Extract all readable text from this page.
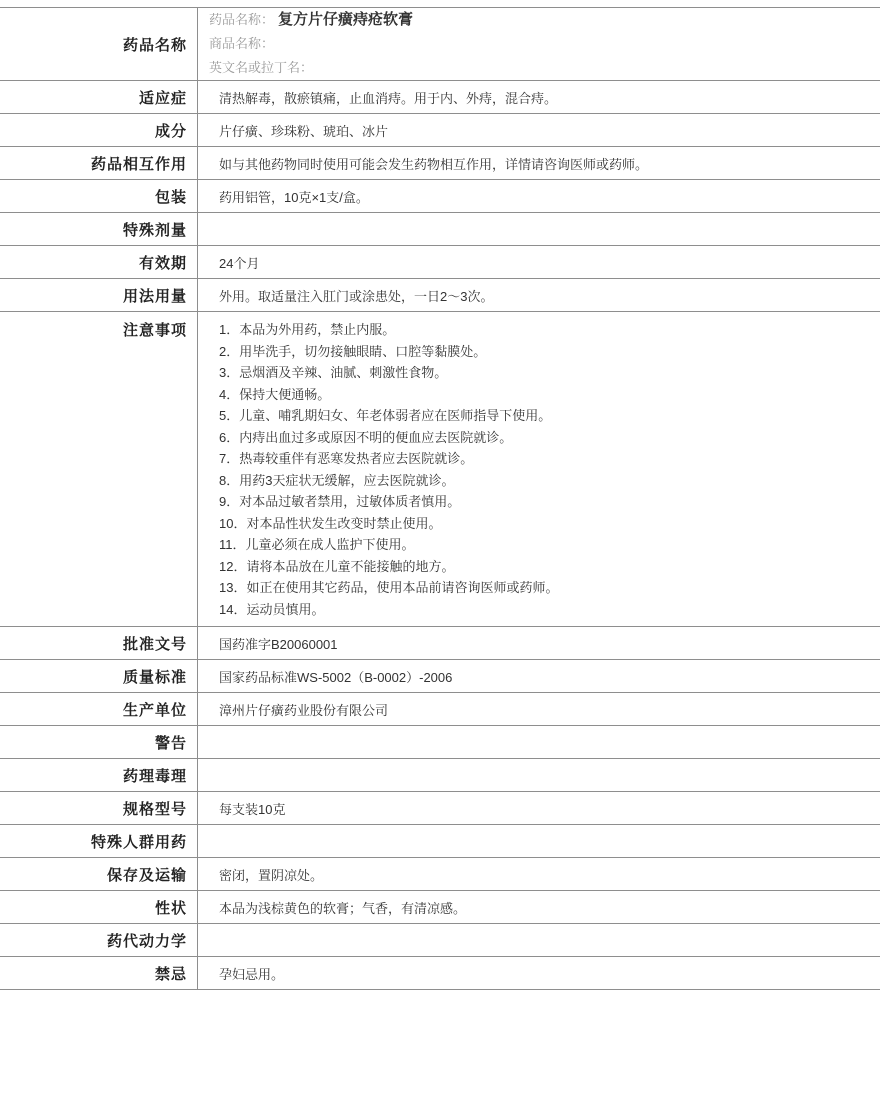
药品名称
药品名称： 复方片仔癀痔疮软膏
商品名称：
英文名或拉丁名：
适应症	清热解毒，散瘀镇痛，止血消痔。用于内、外痔，混合痔。
成分	片仔癀、珍珠粉、琥珀、冰片
药品相互作用	如与其他药物同时使用可能会发生药物相互作用，详情请咨询医师或药师。
包装	药用铝管，10克×1支/盒。
特殊剂量
有效期	24个月
用法用量	外用。取适量注入肛门或涂患处，一日2～3次。
注意事项	1．本品为外用药，禁止内服。
2．用毕洗手，切勿接触眼睛、口腔等黏膜处。
3．忌烟酒及辛辣、油腻、刺激性食物。
4．保持大便通畅。
5．儿童、哺乳期妇女、年老体弱者应在医师指导下使用。
6．内痔出血过多或原因不明的便血应去医院就诊。
7．热毒较重伴有恶寒发热者应去医院就诊。
8．用药3天症状无缓解，应去医院就诊。
9．对本品过敏者禁用，过敏体质者慎用。
10．对本品性状发生改变时禁止使用。
11．儿童必须在成人监护下使用。
12．请将本品放在儿童不能接触的地方。
13．如正在使用其它药品，使用本品前请咨询医师或药师。
14．运动员慎用。
批准文号	国药准字B20060001
质量标准	国家药品标准WS-5002（B-0002）-2006
生产单位	漳州片仔癀药业股份有限公司
警告
药理毒理
规格型号	每支装10克
特殊人群用药
保存及运输	密闭，置阴凉处。
性状	本品为浅棕黄色的软膏；气香，有清凉感。
药代动力学
禁忌	孕妇忌用。
